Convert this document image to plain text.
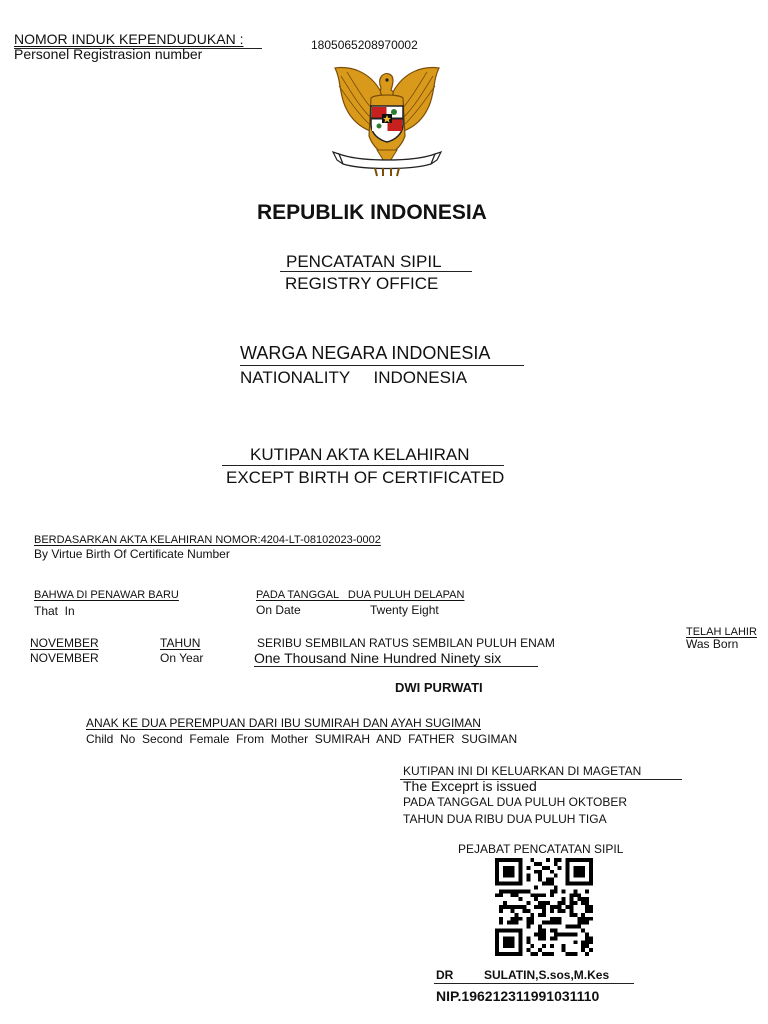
NOMOR INDUK KEPENDUDUKAN :
Personel Registrasion number
1805065208970002
REPUBLIK INDONESIA
PENCATATAN SIPIL
REGISTRY OFFICE
WARGA NEGARA INDONESIA
NATIONALITY     INDONESIA
KUTIPAN AKTA KELAHIRAN
EXCEPT BIRTH OF CERTIFICATED
BERDASARKAN AKTA KELAHIRAN NOMOR:4204-LT-08102023-0002
By Virtue Birth Of Certificate Number
BAHWA DI PENAWAR BARU
That  In
PADA TANGGAL   DUA PULUH DELAPAN
On Date	Twenty Eight
TELAH LAHIR
Was Born
NOVEMBER
NOVEMBER
TAHUN
On Year
SERIBU SEMBILAN RATUS SEMBILAN PULUH ENAM
One Thousand Nine Hundred Ninety six
DWI PURWATI
ANAK KE DUA PEREMPUAN DARI IBU SUMIRAH DAN AYAH SUGIMAN
Child  No  Second  Female  From  Mother  SUMIRAH  AND  FATHER  SUGIMAN
KUTIPAN INI DI KELUARKAN DI MAGETAN
The Exceprt is issued
PADA TANGGAL DUA PULUH OKTOBER
TAHUN DUA RIBU DUA PULUH TIGA
PEJABAT PENCATATAN SIPIL
DR	SULATIN,S.sos,M.Kes
NIP.196212311991031110
